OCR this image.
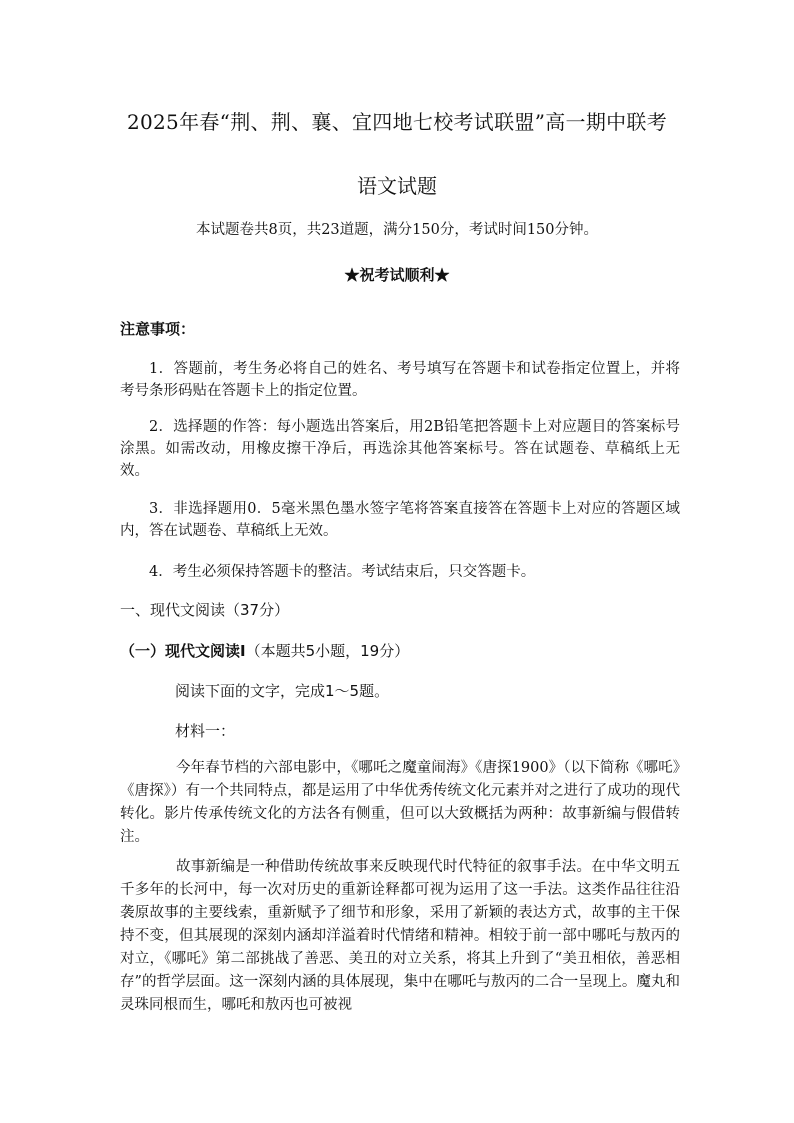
2025年春“荆、荆、襄、宜四地七校考试联盟”高一期中联考
语文试题
本试题卷共8页，共23道题，满分150分，考试时间150分钟。
★祝考试顺利★
注意事项：
1．答题前，考生务必将自己的姓名、考号填写在答题卡和试卷指定位置上，并将考号条形码贴在答题卡上的指定位置。
2．选择题的作答：每小题选出答案后，用2B铅笔把答题卡上对应题目的答案标号涂黑。如需改动，用橡皮擦干净后，再选涂其他答案标号。答在试题卷、草稿纸上无效。
3．非选择题用0．5毫米黑色墨水签字笔将答案直接答在答题卡上对应的答题区域内，答在试题卷、草稿纸上无效。
4．考生必须保持答题卡的整洁。考试结束后，只交答题卡。
一、现代文阅读（37分）
（一）现代文阅读Ⅰ（本题共5小题，19分）
阅读下面的文字，完成1～5题。
材料一：
今年春节档的六部电影中，《哪吒之魔童闹海》《唐探1900》（以下简称《哪吒》《唐探》）有一个共同特点，都是运用了中华优秀传统文化元素并对之进行了成功的现代转化。影片传承传统文化的方法各有侧重，但可以大致概括为两种：故事新编与假借转注。
故事新编是一种借助传统故事来反映现代时代特征的叙事手法。在中华文明五千多年的长河中，每一次对历史的重新诠释都可视为运用了这一手法。这类作品往往沿袭原故事的主要线索，重新赋予了细节和形象，采用了新颖的表达方式，故事的主干保持不变，但其展现的深刻内涵却洋溢着时代情绪和精神。相较于前一部中哪吒与敖丙的对立，《哪吒》第二部挑战了善恶、美丑的对立关系，将其上升到了“美丑相依，善恶相存”的哲学层面。这一深刻内涵的具体展现，集中在哪吒与敖丙的二合一呈现上。魔丸和灵珠同根而生，哪吒和敖丙也可被视
